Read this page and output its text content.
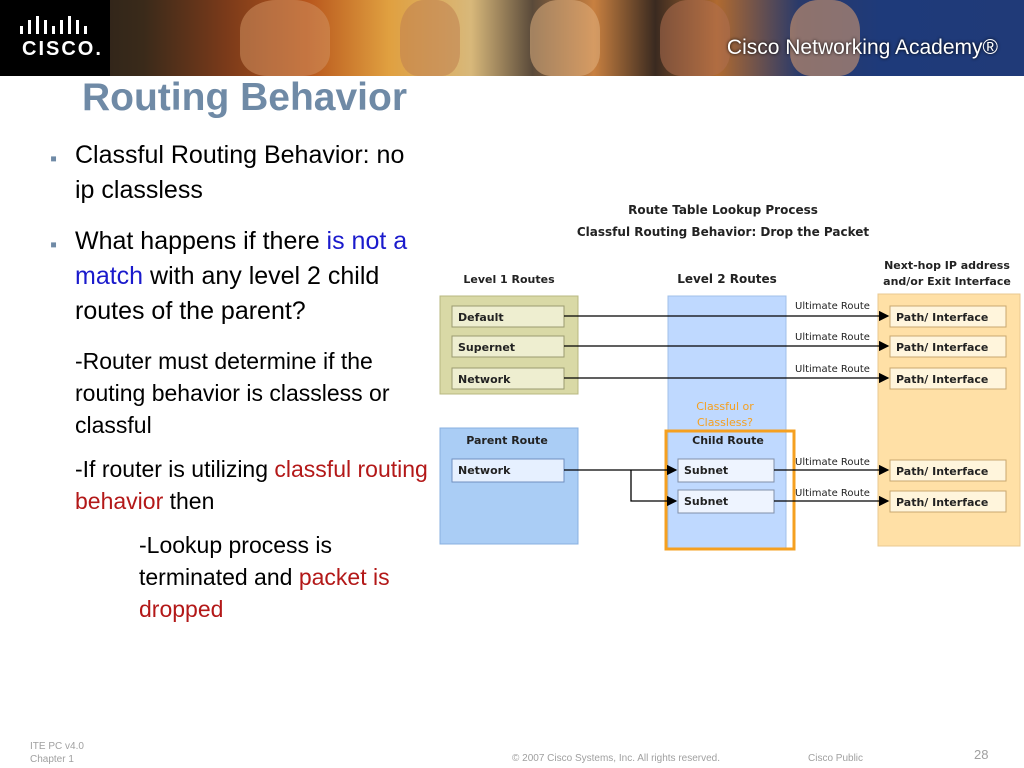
CISCO.	Cisco Networking Academy®
Routing Behavior
▪ Classful Routing Behavior: no ip classless
▪ What happens if there is not a match with any level 2 child routes of the parent?
-Router must determine if the routing behavior is classless or classful
-If router is utilizing classful routing behavior then
-Lookup process is terminated and packet is dropped
Route Table Lookup Process
Classful Routing Behavior: Drop the Packet
Level 1 Routes	Level 2 Routes
Next-hop IP address
and/or Exit Interface
Default
Supernet
Network
Parent Route
Network
Classful or
Classless?
Child Route
Subnet
Subnet
Ultimate Route
Ultimate Route
Ultimate Route
Ultimate Route
Ultimate Route
Path/ Interface
Path/ Interface
Path/ Interface
Path/ Interface
Path/ Interface
ITE PC v4.0
Chapter 1	© 2007 Cisco Systems, Inc. All rights reserved.	Cisco Public	28
